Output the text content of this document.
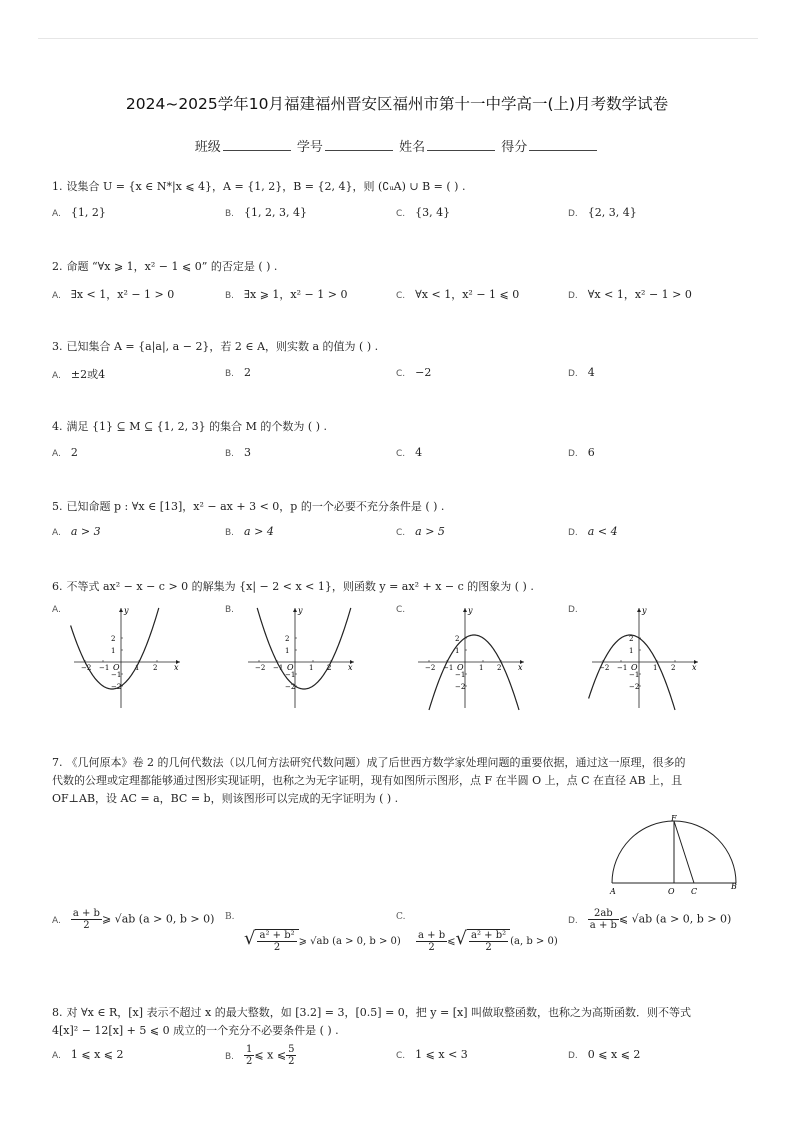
2024~2025学年10月福建福州晋安区福州市第十一中学高一(上)月考数学试卷
班级	学号	姓名	得分
1. 设集合 U = {x ∈ N*|x ⩽ 4}，A = {1, 2}，B = {2, 4}，则 (∁ᵤA) ∪ B = ( ) .
A. {1, 2}	B. {1, 2, 3, 4}	C. {3, 4}	D. {2, 3, 4}
2. 命题 “∀x ⩾ 1，x² − 1 ⩽ 0” 的否定是 ( ) .
A. ∃x < 1，x² − 1 > 0	B. ∃x ⩾ 1，x² − 1 > 0	C. ∀x < 1，x² − 1 ⩽ 0	D. ∀x < 1，x² − 1 > 0
3. 已知集合 A = {a|a|, a − 2}，若 2 ∈ A，则实数 a 的值为 ( ) .
A. ±2或4	B. 2	C. −2	D. 4
4. 满足 {1} ⊆ M ⊆ {1, 2, 3} 的集合 M 的个数为 ( ) .
A. 2	B. 3	C. 4	D. 6
5. 已知命题 p : ∀x ∈ [13]，x² − ax + 3 < 0，p 的一个必要不充分条件是 ( ) .
A. a > 3	B. a > 4	C. a > 5	D. a < 4
6. 不等式 ax² − x − c > 0 的解集为 {x| − 2 < x < 1}，则函数 y = ax² + x − c 的图象为 ( ) .
A.	B.	C.	D.
x
y
O
−2 −1	1 2
2
1
−1
−2
x
y
O
−2 −1	1 2
2
1
−1
−2
x
y
O
−2 −1	1 2
2
1
−1
−2
x
y
O
−2 −1	1 2
2
1
−1
−2
7. 《几何原本》卷 2 的几何代数法（以几何方法研究代数问题）成了后世西方数学家处理问题的重要依据，通过这一原理，很多的
代数的公理或定理都能够通过图形实现证明，也称之为无字证明，现有如图所示图形，点 F 在半圆 O 上，点 C 在直径 AB 上，且
OF⊥AB，设 AC = a，BC = b，则该图形可以完成的无字证明为 ( ) .
F
A	O C
B
A. $\frac{a + b}{2}$ ⩾ √ab (a > 0, b > 0) B.
√ $\frac{\text{a² + b²}}{2}$ ⩾ √ab (a > 0, b > 0)
C.
$\frac{a + b}{2}$ ⩽√ $\frac{\text{a² + b²}}{2} (a$, b > 0)
D. $\frac{2ab}{a + b}$ ⩽ √ab (a > 0, b > 0)
8. 对 ∀x ∈ R，[x] 表示不超过 x 的最大整数，如 [3.2] = 3，[0.5] = 0，把 y = [x] 叫做取整函数，也称之为高斯函数．则不等式
4[x]² − 12[x] + 5 ⩽ 0 成立的一个充分不必要条件是 ( ) .
A. 1 ⩽ x ⩽ 2	B. $\frac{1}{2}$ ⩽ x ⩽ $\frac{5}{2}$	C. 1 ⩽ x < 3	D. 0 ⩽ x ⩽ 2
